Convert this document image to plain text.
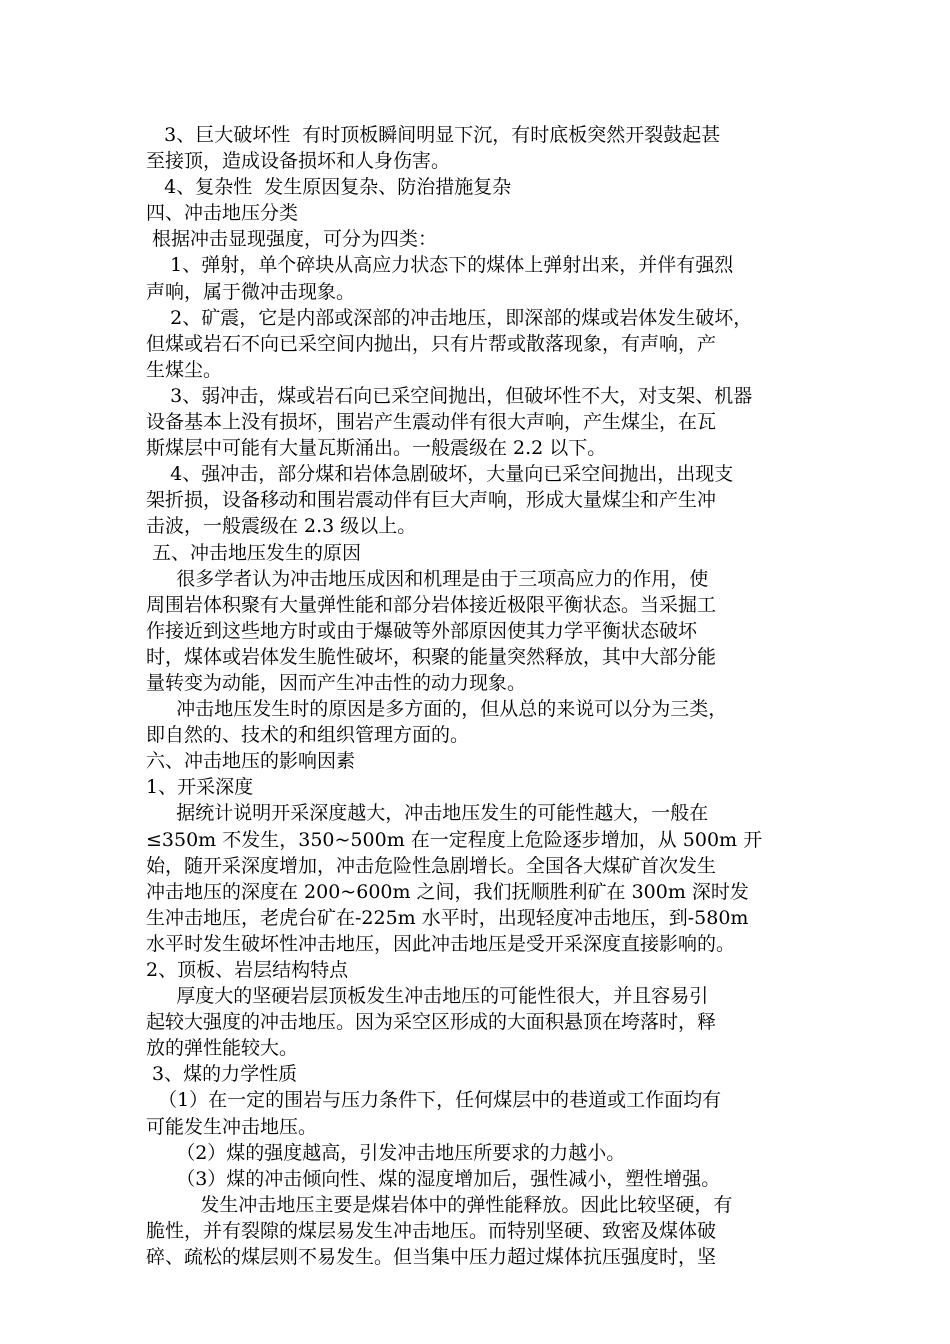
3、巨大破坏性  有时顶板瞬间明显下沉，有时底板突然开裂鼓起甚
至接顶，造成设备损坏和人身伤害。
4、复杂性  发生原因复杂、防治措施复杂
四、冲击地压分类
根据冲击显现强度，可分为四类：
1、弹射，单个碎块从高应力状态下的煤体上弹射出来，并伴有强烈
声响，属于微冲击现象。
2、矿震，它是内部或深部的冲击地压，即深部的煤或岩体发生破坏，
但煤或岩石不向已采空间内抛出，只有片帮或散落现象，有声响，产
生煤尘。
3、弱冲击，煤或岩石向已采空间抛出，但破坏性不大，对支架、机器
设备基本上没有损坏，围岩产生震动伴有很大声响，产生煤尘，在瓦
斯煤层中可能有大量瓦斯涌出。一般震级在 2.2 以下。
4、强冲击，部分煤和岩体急剧破坏，大量向已采空间抛出，出现支
架折损，设备移动和围岩震动伴有巨大声响，形成大量煤尘和产生冲
击波，一般震级在 2.3 级以上。
五、冲击地压发生的原因
很多学者认为冲击地压成因和机理是由于三项高应力的作用，使
周围岩体积聚有大量弹性能和部分岩体接近极限平衡状态。当采掘工
作接近到这些地方时或由于爆破等外部原因使其力学平衡状态破坏
时，煤体或岩体发生脆性破坏，积聚的能量突然释放，其中大部分能
量转变为动能，因而产生冲击性的动力现象。
冲击地压发生时的原因是多方面的，但从总的来说可以分为三类，
即自然的、技术的和组织管理方面的。
六、冲击地压的影响因素
1、开采深度
据统计说明开采深度越大，冲击地压发生的可能性越大，一般在
≤350m 不发生，350~500m 在一定程度上危险逐步增加，从 500m 开
始，随开采深度增加，冲击危险性急剧增长。全国各大煤矿首次发生
冲击地压的深度在 200~600m 之间，我们抚顺胜利矿在 300m 深时发
生冲击地压，老虎台矿在-225m 水平时，出现轻度冲击地压，到-580m
水平时发生破坏性冲击地压，因此冲击地压是受开采深度直接影响的。
2、顶板、岩层结构特点
厚度大的坚硬岩层顶板发生冲击地压的可能性很大，并且容易引
起较大强度的冲击地压。因为采空区形成的大面积悬顶在垮落时，释
放的弹性能较大。
3、煤的力学性质
（1）在一定的围岩与压力条件下，任何煤层中的巷道或工作面均有
可能发生冲击地压。
（2）煤的强度越高，引发冲击地压所要求的力越小。
（3）煤的冲击倾向性、煤的湿度增加后，强性减小，塑性增强。
发生冲击地压主要是煤岩体中的弹性能释放。因此比较坚硬，有
脆性，并有裂隙的煤层易发生冲击地压。而特别坚硬、致密及煤体破
碎、疏松的煤层则不易发生。但当集中压力超过煤体抗压强度时，坚
